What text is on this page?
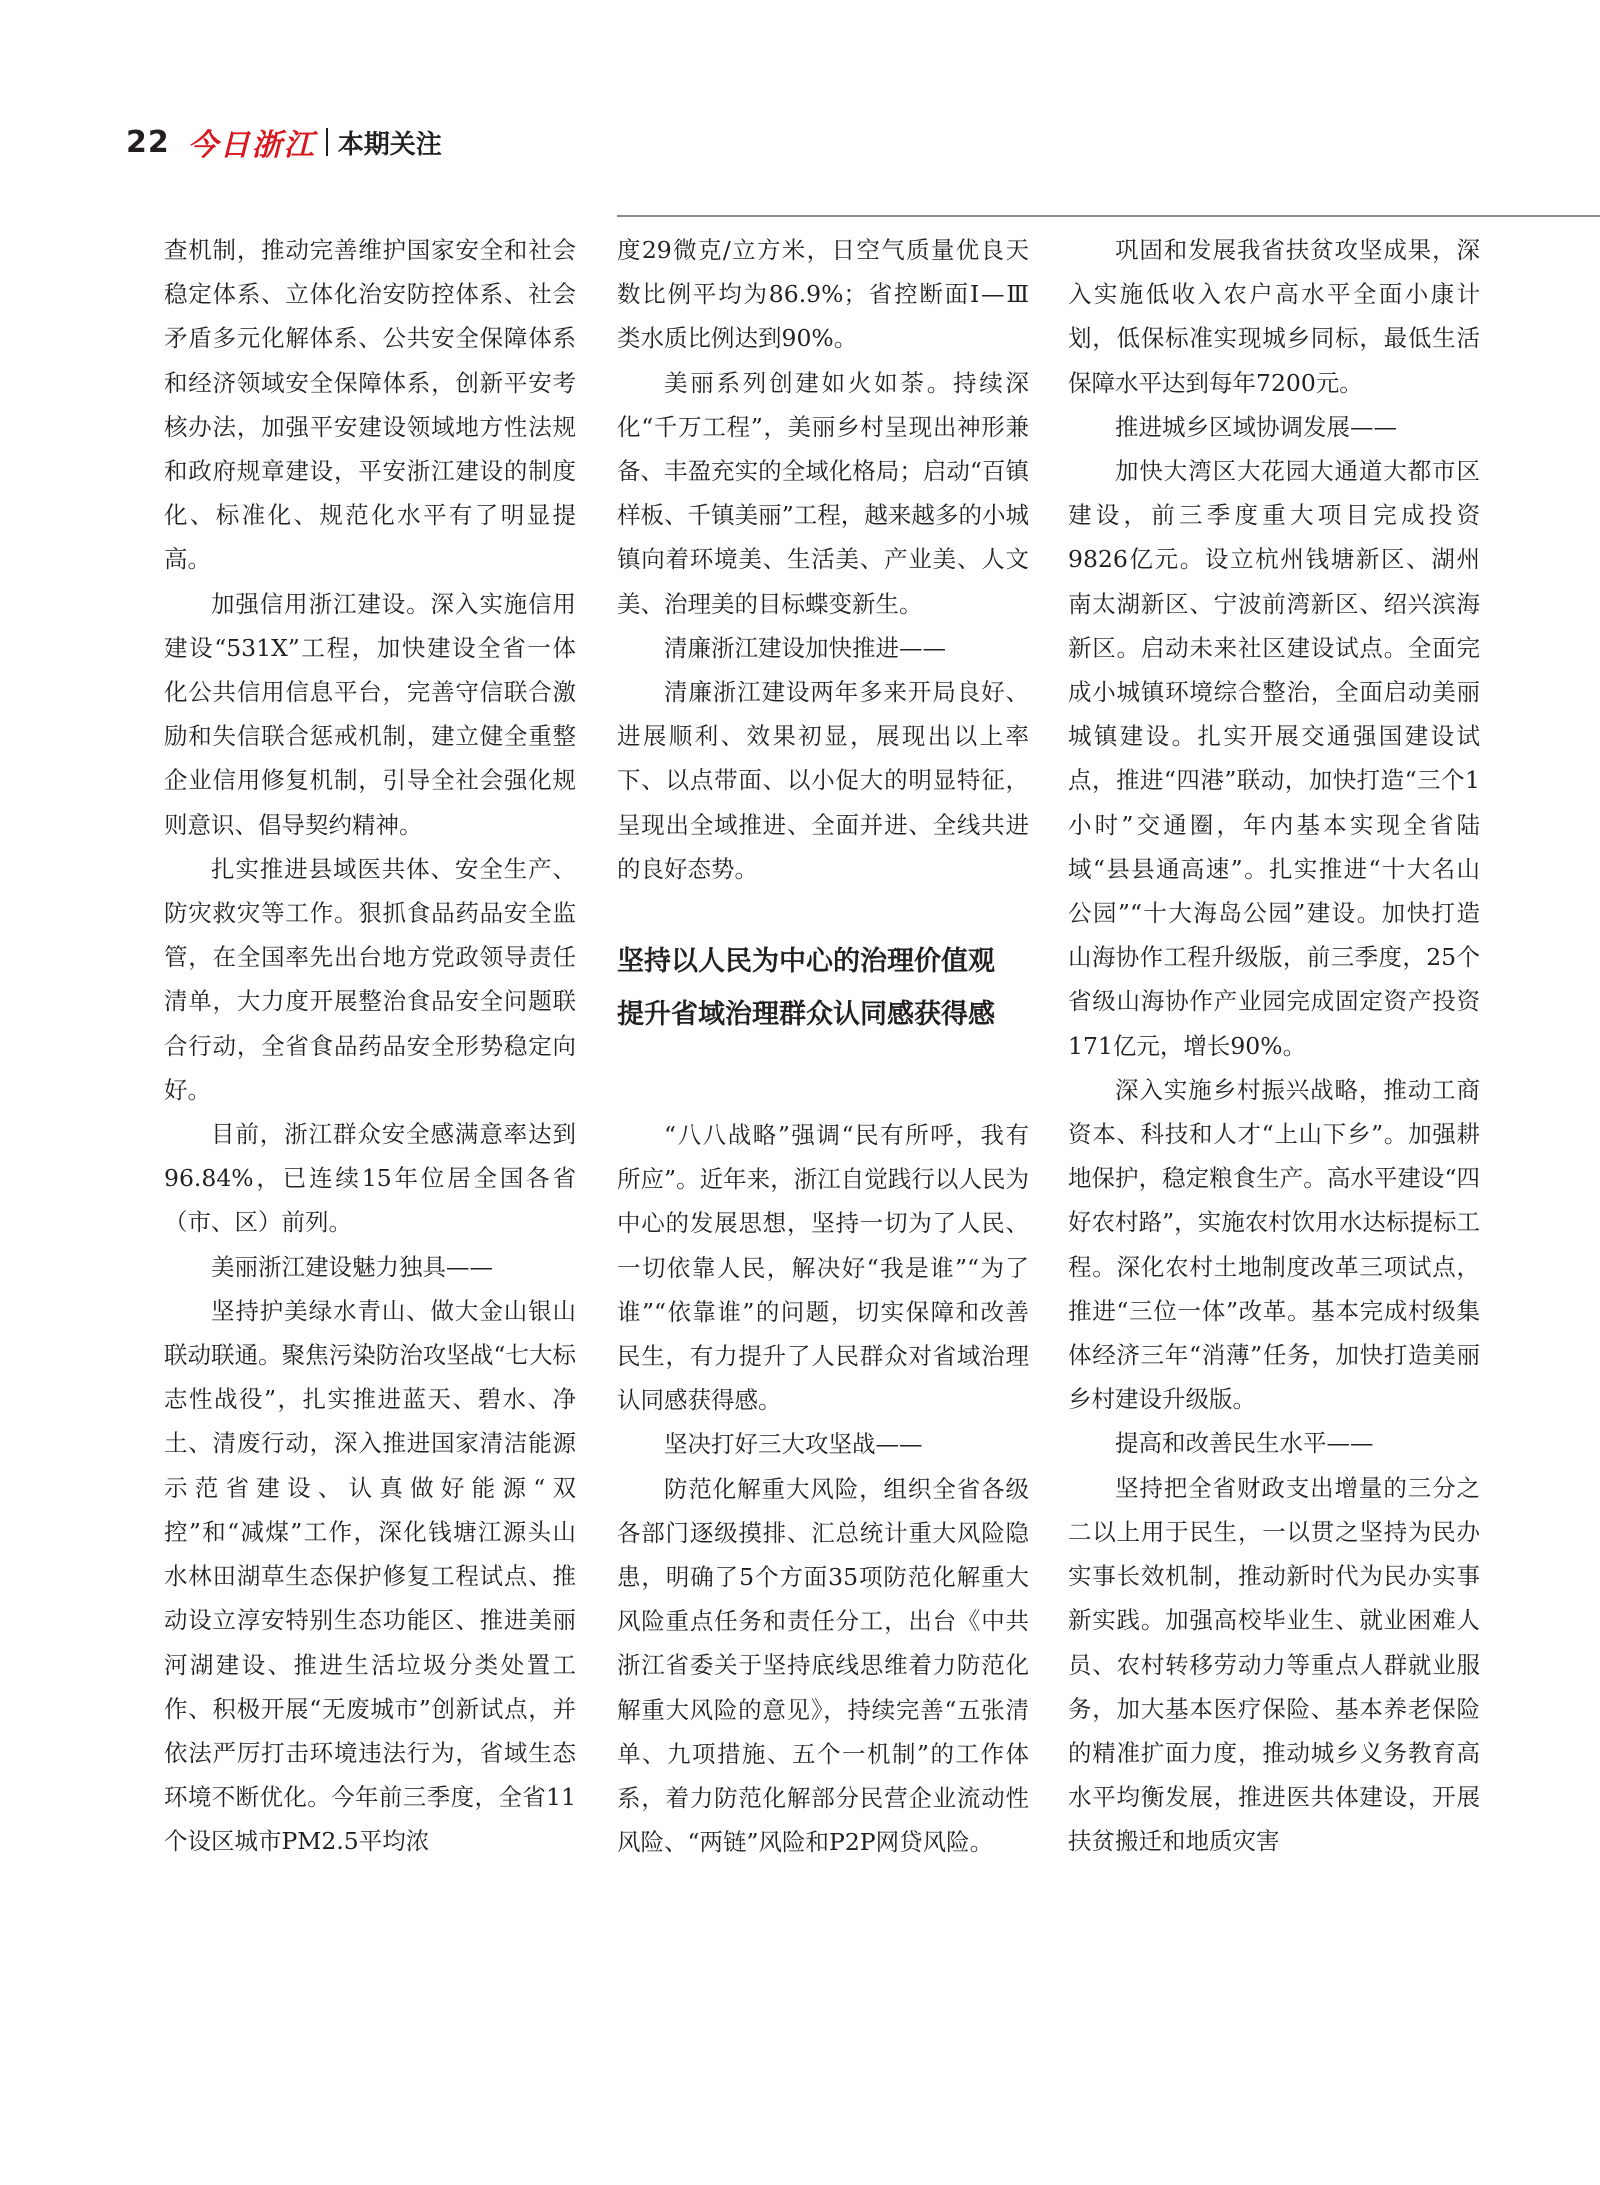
22 今日浙江 本期关注

查机制，推动完善维护国家安全和社会稳定体系、立体化治安防控体系、社会矛盾多元化解体系、公共安全保障体系和经济领域安全保障体系，创新平安考核办法，加强平安建设领域地方性法规和政府规章建设，平安浙江建设的制度化、标准化、规范化水平有了明显提高。

加强信用浙江建设。深入实施信用建设“531X”工程，加快建设全省一体化公共信用信息平台，完善守信联合激励和失信联合惩戒机制，建立健全重整企业信用修复机制，引导全社会强化规则意识、倡导契约精神。

扎实推进县域医共体、安全生产、防灾救灾等工作。狠抓食品药品安全监管，在全国率先出台地方党政领导责任清单，大力度开展整治食品安全问题联合行动，全省食品药品安全形势稳定向好。

目前，浙江群众安全感满意率达到96.84%，已连续15年位居全国各省（市、区）前列。

美丽浙江建设魅力独具——

坚持护美绿水青山、做大金山银山联动联通。聚焦污染防治攻坚战“七大标志性战役”，扎实推进蓝天、碧水、净土、清废行动，深入推进国家清洁能源示范省建设、认真做好能源“双控”和“减煤”工作，深化钱塘江源头山水林田湖草生态保护修复工程试点、推动设立淳安特别生态功能区、推进美丽河湖建设、推进生活垃圾分类处置工作、积极开展“无废城市”创新试点，并依法严厉打击环境违法行为，省域生态环境不断优化。今年前三季度，全省11个设区城市PM2.5平均浓

度29微克/立方米，日空气质量优良天数比例平均为86.9%；省控断面Ⅰ—Ⅲ类水质比例达到90%。

美丽系列创建如火如荼。持续深化“千万工程”，美丽乡村呈现出神形兼备、丰盈充实的全域化格局；启动“百镇样板、千镇美丽”工程，越来越多的小城镇向着环境美、生活美、产业美、人文美、治理美的目标蝶变新生。

清廉浙江建设加快推进——

清廉浙江建设两年多来开局良好、进展顺利、效果初显，展现出以上率下、以点带面、以小促大的明显特征，呈现出全域推进、全面并进、全线共进的良好态势。

坚持以人民为中心的治理价值观
提升省域治理群众认同感获得感

“八八战略”强调“民有所呼，我有所应”。近年来，浙江自觉践行以人民为中心的发展思想，坚持一切为了人民、一切依靠人民，解决好“我是谁”“为了谁”“依靠谁”的问题，切实保障和改善民生，有力提升了人民群众对省域治理认同感获得感。

坚决打好三大攻坚战——

防范化解重大风险，组织全省各级各部门逐级摸排、汇总统计重大风险隐患，明确了5个方面35项防范化解重大风险重点任务和责任分工，出台《中共浙江省委关于坚持底线思维着力防范化解重大风险的意见》，持续完善“五张清单、九项措施、五个一机制”的工作体系，着力防范化解部分民营企业流动性风险、“两链”风险和P2P网贷风险。

巩固和发展我省扶贫攻坚成果，深入实施低收入农户高水平全面小康计划，低保标准实现城乡同标，最低生活保障水平达到每年7200元。

推进城乡区域协调发展——

加快大湾区大花园大通道大都市区建设，前三季度重大项目完成投资9826亿元。设立杭州钱塘新区、湖州南太湖新区、宁波前湾新区、绍兴滨海新区。启动未来社区建设试点。全面完成小城镇环境综合整治，全面启动美丽城镇建设。扎实开展交通强国建设试点，推进“四港”联动，加快打造“三个1小时”交通圈，年内基本实现全省陆域“县县通高速”。扎实推进“十大名山公园”“十大海岛公园”建设。加快打造山海协作工程升级版，前三季度，25个省级山海协作产业园完成固定资产投资171亿元，增长90%。

深入实施乡村振兴战略，推动工商资本、科技和人才“上山下乡”。加强耕地保护，稳定粮食生产。高水平建设“四好农村路”，实施农村饮用水达标提标工程。深化农村土地制度改革三项试点，推进“三位一体”改革。基本完成村级集体经济三年“消薄”任务，加快打造美丽乡村建设升级版。

提高和改善民生水平——

坚持把全省财政支出增量的三分之二以上用于民生，一以贯之坚持为民办实事长效机制，推动新时代为民办实事新实践。加强高校毕业生、就业困难人员、农村转移劳动力等重点人群就业服务，加大基本医疗保险、基本养老保险的精准扩面力度，推动城乡义务教育高水平均衡发展，推进医共体建设，开展扶贫搬迁和地质灾害
